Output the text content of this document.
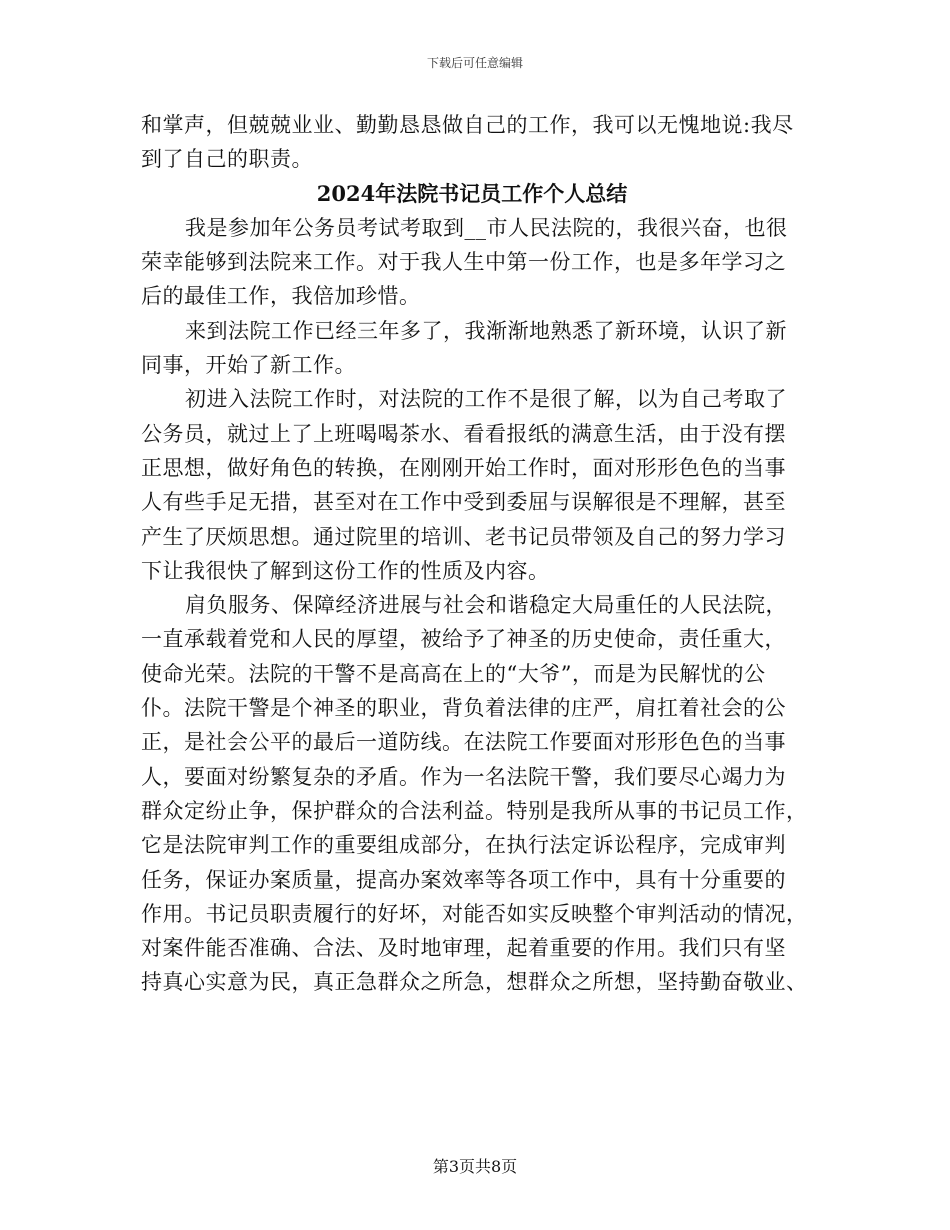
下载后可任意编辑
和掌声，但兢兢业业、勤勤恳恳做自己的工作，我可以无愧地说:我尽
到了自己的职责。
2024年法院书记员工作个人总结
我是参加年公务员考试考取到__市人民法院的，我很兴奋，也很
荣幸能够到法院来工作。对于我人生中第一份工作，也是多年学习之
后的最佳工作，我倍加珍惜。
来到法院工作已经三年多了，我渐渐地熟悉了新环境，认识了新
同事，开始了新工作。
初进入法院工作时，对法院的工作不是很了解，以为自己考取了
公务员，就过上了上班喝喝茶水、看看报纸的满意生活，由于没有摆
正思想，做好角色的转换，在刚刚开始工作时，面对形形色色的当事
人有些手足无措，甚至对在工作中受到委屈与误解很是不理解，甚至
产生了厌烦思想。通过院里的培训、老书记员带领及自己的努力学习
下让我很快了解到这份工作的性质及内容。
肩负服务、保障经济进展与社会和谐稳定大局重任的人民法院，
一直承载着党和人民的厚望，被给予了神圣的历史使命，责任重大，
使命光荣。法院的干警不是高高在上的“大爷”，而是为民解忧的公
仆。法院干警是个神圣的职业，背负着法律的庄严，肩扛着社会的公
正，是社会公平的最后一道防线。在法院工作要面对形形色色的当事
人，要面对纷繁复杂的矛盾。作为一名法院干警，我们要尽心竭力为
群众定纷止争，保护群众的合法利益。特别是我所从事的书记员工作，
它是法院审判工作的重要组成部分，在执行法定诉讼程序，完成审判
任务，保证办案质量，提高办案效率等各项工作中，具有十分重要的
作用。书记员职责履行的好坏，对能否如实反映整个审判活动的情况，
对案件能否准确、合法、及时地审理，起着重要的作用。我们只有坚
持真心实意为民，真正急群众之所急，想群众之所想，坚持勤奋敬业、
第3页共8页
